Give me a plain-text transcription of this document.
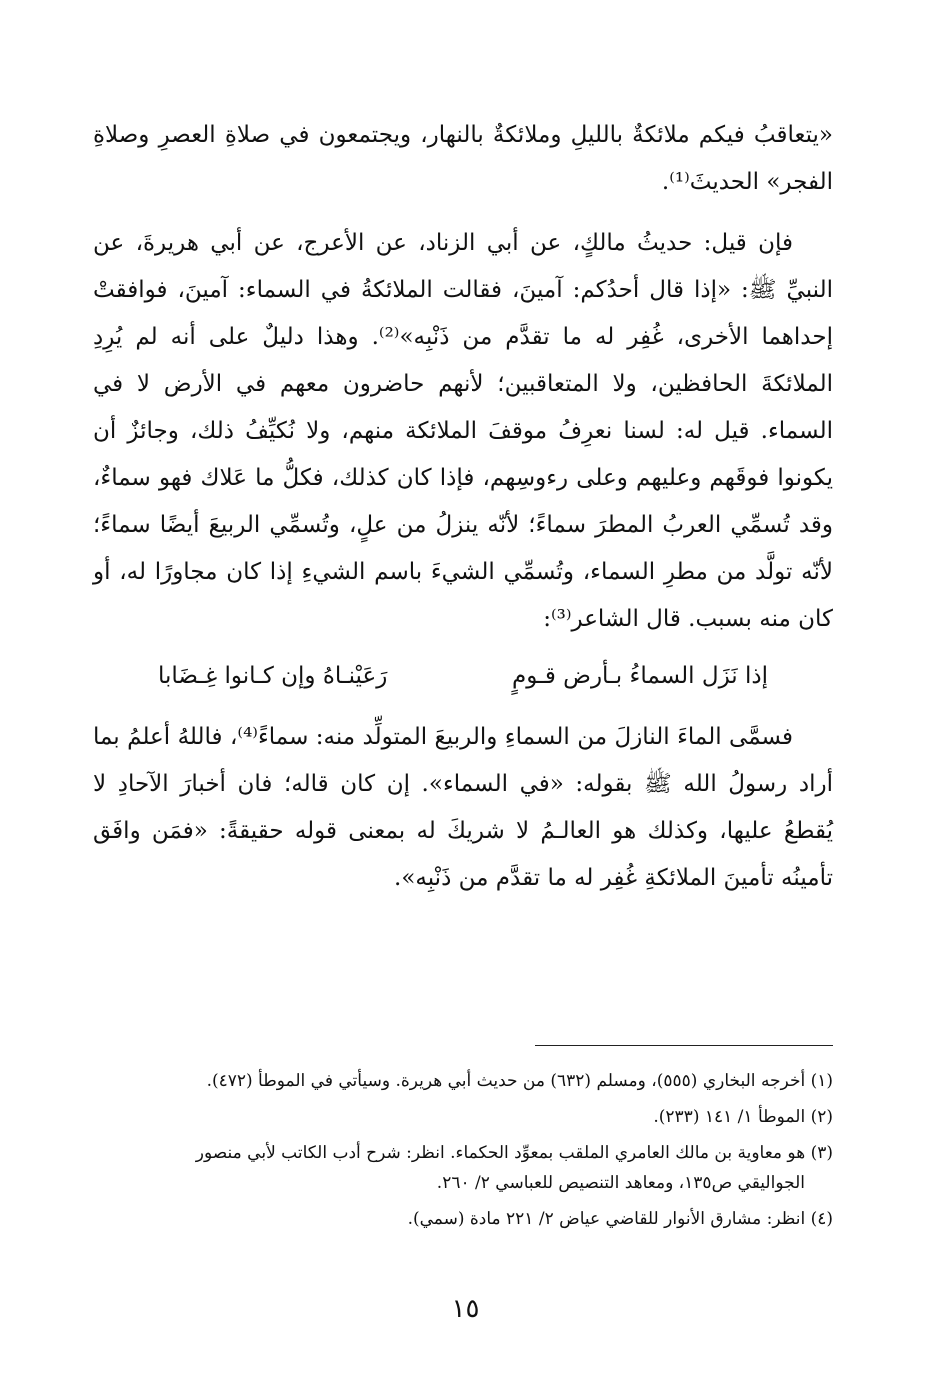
«يتعاقبُ فيكم ملائكةٌ بالليلِ وملائكةٌ بالنهار، ويجتمعون في صلاةِ العصرِ وصلاةِ الفجر» الحديثَ⁽¹⁾.

فإن قيل: حديثُ مالكٍ، عن أبي الزناد، عن الأعرج، عن أبي هريرةَ، عن النبيِّ ﷺ: «إذا قال أحدُكم: آمينَ، فقالت الملائكةُ في السماء: آمينَ، فوافقتْ إحداهما الأخرى، غُفِر له ما تقدَّم من ذَنْبِه»⁽²⁾. وهذا دليلٌ على أنه لم يُرِدِ الملائكةَ الحافظين، ولا المتعاقبين؛ لأنهم حاضرون معهم في الأرض لا في السماء. قيل له: لسنا نعرِفُ موقفَ الملائكة منهم، ولا نُكيِّفُ ذلك، وجائزٌ أن يكونوا فوقَهم وعليهم وعلى رءوسِهم، فإذا كان كذلك، فكلُّ ما عَلاك فهو سماءٌ، وقد تُسمِّي العربُ المطرَ سماءً؛ لأنّه ينزلُ من علٍ، وتُسمِّي الربيعَ أيضًا سماءً؛ لأنّه تولَّد من مطرِ السماء، وتُسمِّي الشيءَ باسم الشيءِ إذا كان مجاورًا له، أو كان منه بسبب. قال الشاعر⁽³⁾:

إذا نَزَل السماءُ بـأرض قـومٍ
رَعَيْنـاهُ وإن كـانوا غِـضَابا

فسمَّى الماءَ النازلَ من السماءِ والربيعَ المتولِّد منه: سماءً⁽⁴⁾، فاللهُ أعلمُ بما أراد رسولُ الله ﷺ بقوله: «في السماء». إن كان قاله؛ فان أخبارَ الآحادِ لا يُقطعُ عليها، وكذلك هو العالـمُ لا شريكَ له بمعنى قوله حقيقةً: «فمَن وافَق تأمينُه تأمينَ الملائكةِ غُفِر له ما تقدَّم من ذَنْبِه».

(١) أخرجه البخاري (٥٥٥)، ومسلم (٦٣٢) من حديث أبي هريرة. وسيأتي في الموطأ (٤٧٢).

(٢) الموطأ ١/ ١٤١ (٢٣٣).

(٣) هو معاوية بن مالك العامري الملقب بمعوِّد الحكماء. انظر: شرح أدب الكاتب لأبي منصور

الجواليقي ص١٣٥، ومعاهد التنصيص للعباسي ٢/ ٢٦٠.

(٤) انظر: مشارق الأنوار للقاضي عياض ٢/ ٢٢١ مادة (سمي).

١٥
